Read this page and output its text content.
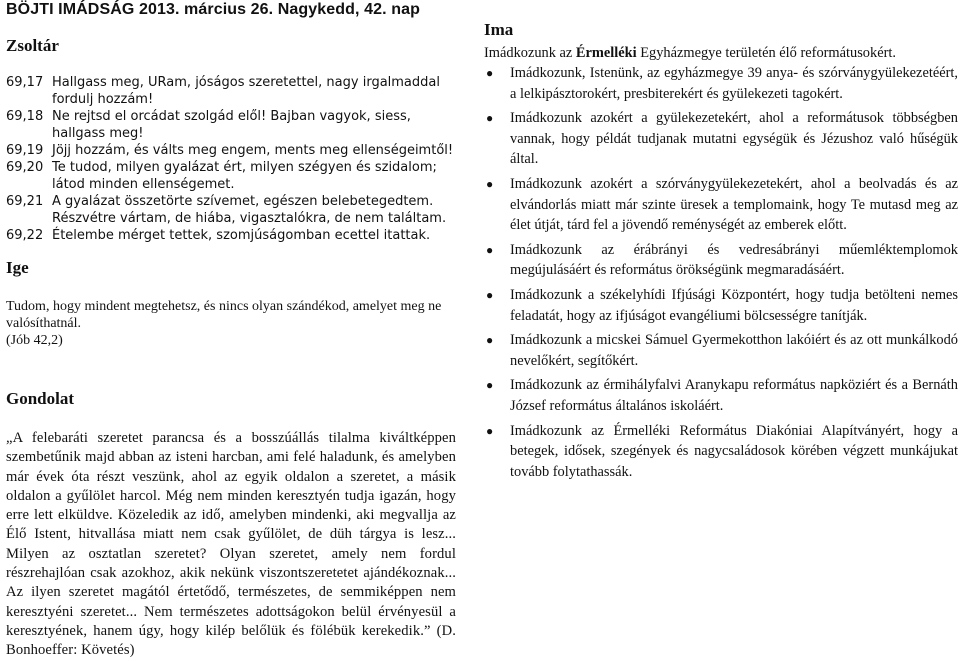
BÖJTI IMÁDSÁG 2013. március 26. Nagykedd, 42. nap
Zsoltár
69,17 Hallgass meg, URam, jóságos szeretettel, nagy irgalmaddal fordulj hozzám!
69,18 Ne rejtsd el orcádat szolgád elől! Bajban vagyok, siess, hallgass meg!
69,19 Jöjj hozzám, és válts meg engem, ments meg ellenségeimtől!
69,20 Te tudod, milyen gyalázat ért, milyen szégyen és szidalom; látod minden ellenségemet.
69,21 A gyalázat összetörte szívemet, egészen belebetegedtem. Részvétre vártam, de hiába, vigasztalókra, de nem találtam.
69,22 Ételembe mérget tettek, szomjúságomban ecettel itattak.
Ige
Tudom, hogy mindent megtehetsz, és nincs olyan szándékod, amelyet meg ne valósíthatnál.
(Jób 42,2)
Gondolat
„A felebaráti szeretet parancsa és a bosszúállás tilalma kiváltképpen szembetűnik majd abban az isteni harcban, ami felé haladunk, és amelyben már évek óta részt veszünk, ahol az egyik oldalon a szeretet, a másik oldalon a gyűlölet harcol. Még nem minden keresztyén tudja igazán, hogy erre lett elküldve. Közeledik az idő, amelyben mindenki, aki megvallja az Élő Istent, hitvallása miatt nem csak gyűlölet, de düh tárgya is lesz... Milyen az osztatlan szeretet? Olyan szeretet, amely nem fordul részrehajlóan csak azokhoz, akik nekünk viszontszeretetet ajándékoznak... Az ilyen szeretet magától értetődő, természetes, de semmiképpen nem keresztyéni szeretet... Nem természetes adottságokon belül érvényesül a keresztyének, hanem úgy, hogy kilép belőlük és fölébük kerekedik.” (D. Bonhoeffer: Követés)
Ima
Imádkozunk az Érmelléki Egyházmegye területén élő reformátusokért.
● Imádkozunk, Istenünk, az egyházmegye 39 anya- és szórványgyülekezetéért, a lelkipásztorokért, presbiterekért és gyülekezeti tagokért.
● Imádkozunk azokért a gyülekezetekért, ahol a reformátusok többségben vannak, hogy példát tudjanak mutatni egységük és Jézushoz való hűségük által.
● Imádkozunk azokért a szórványgyülekezetekért, ahol a beolvadás és az elvándorlás miatt már szinte üresek a templomaink, hogy Te mutasd meg az élet útját, tárd fel a jövendő reménységét az emberek előtt.
● Imádkozunk az érábrányi és vedresábrányi műemléktemplomok megújulásáért és református örökségünk megmaradásáért.
● Imádkozunk a székelyhídi Ifjúsági Központért, hogy tudja betölteni nemes feladatát, hogy az ifjúságot evangéliumi bölcsességre tanítják.
● Imádkozunk a micskei Sámuel Gyermekotthon lakóiért és az ott munkálkodó nevelőkért, segítőkért.
● Imádkozunk az érmihályfalvi Aranykapu református napköziért és a Bernáth József református általános iskoláért.
● Imádkozunk az Érmelléki Református Diakóniai Alapítványért, hogy a betegek, idősek, szegények és nagycsaládosok körében végzett munkájukat tovább folytathassák.
